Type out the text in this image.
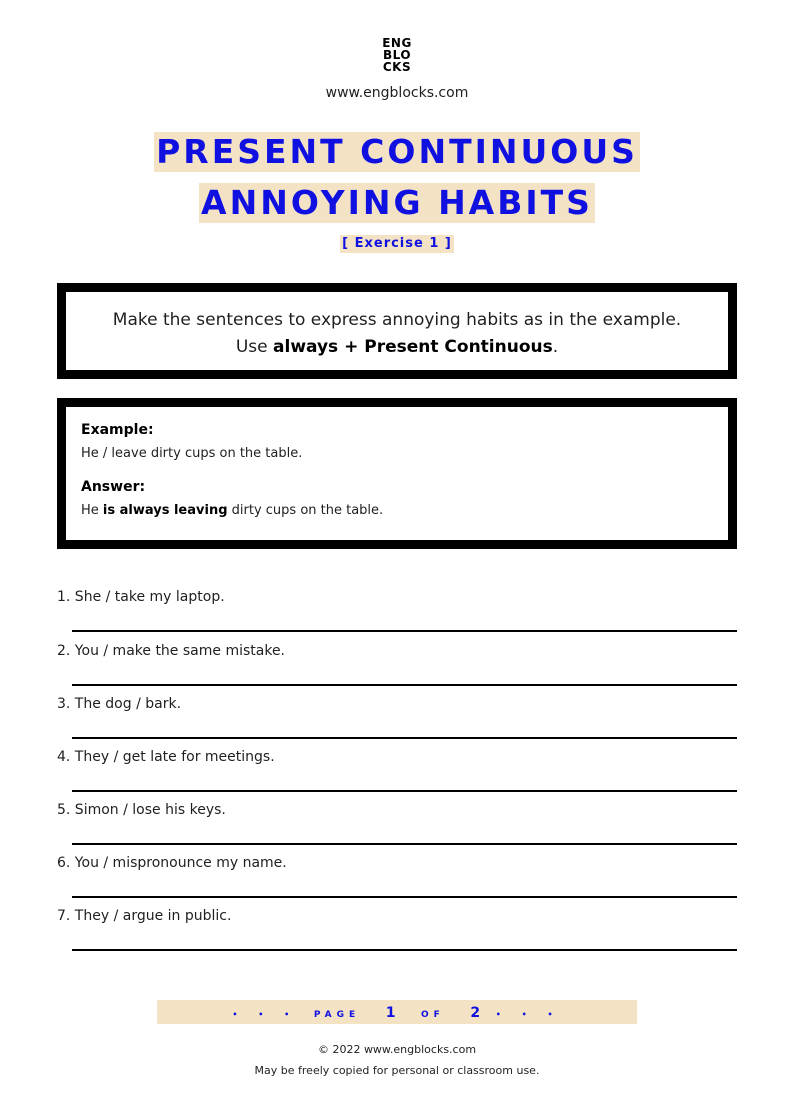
ENG
BLO
CKS
www.engblocks.com
PRESENT CONTINUOUS
ANNOYING HABITS
[ Exercise 1 ]
Make the sentences to express annoying habits as in the example.
Use always + Present Continuous.
Example:
He / leave dirty cups on the table.
Answer:
He is always leaving dirty cups on the table.
1. She / take my laptop.
2. You / make the same mistake.
3. The dog / bark.
4. They / get late for meetings.
5. Simon / lose his keys.
6. You / mispronounce my name.
7. They / argue in public.
• • • PAGE 1	OF 2 • • •
© 2022 www.engblocks.com
May be freely copied for personal or classroom use.
